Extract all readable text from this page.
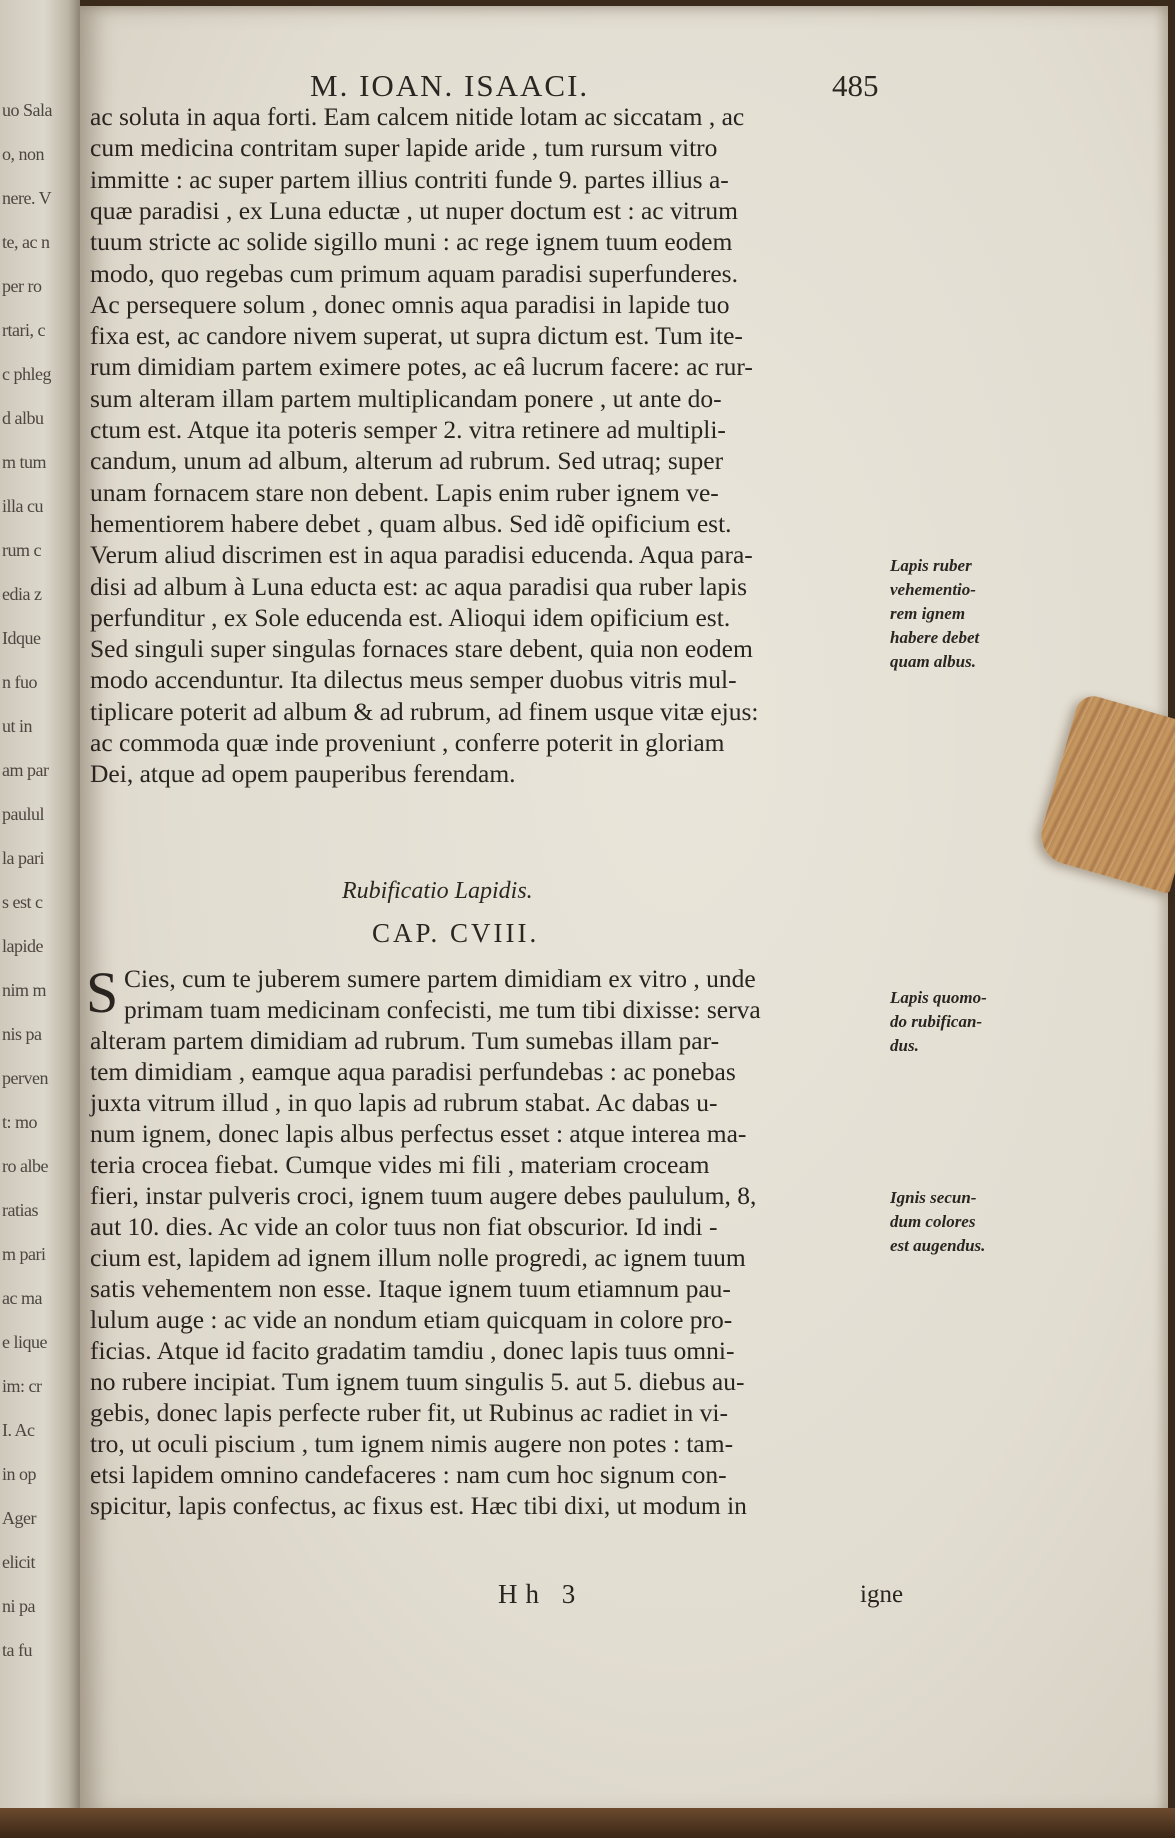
uo Sala
o, non
nere. V
te, ac n
per ro
rtari, c
c phleg
d albu
m tum
illa cu
rum c
edia z
Idque
n fuo
ut in
am par
paulul
la pari
s est c
lapide
nim m
nis pa
perven
t: mo
ro albe
ratias
m pari
ac ma
e lique
im: cr
I. Ac
in op
Ager
elicit
ni pa
ta fu
M. IOAN. ISAACI.	485
ac soluta in aqua forti. Eam calcem nitide lotam ac siccatam , ac
cum medicina contritam super lapide aride , tum rursum vitro
immitte : ac super partem illius contriti funde 9. partes illius a-
quæ paradisi , ex Luna eductæ , ut nuper doctum est : ac vitrum
tuum stricte ac solide sigillo muni : ac rege ignem tuum eodem
modo, quo regebas cum primum aquam paradisi superfunderes.
Ac persequere solum , donec omnis aqua paradisi in lapide tuo
fixa est, ac candore nivem superat, ut supra dictum est. Tum ite-
rum dimidiam partem eximere potes, ac eâ lucrum facere: ac rur-
sum alteram illam partem multiplicandam ponere , ut ante do-
ctum est. Atque ita poteris semper 2. vitra retinere ad multipli-
candum, unum ad album, alterum ad rubrum. Sed utraq; super
unam fornacem stare non debent. Lapis enim ruber ignem ve-
hementiorem habere debet , quam albus. Sed idẽ opificium est.
Verum aliud discrimen est in aqua paradisi educenda. Aqua para-
disi ad album à Luna educta est: ac aqua paradisi qua ruber lapis
perfunditur , ex Sole educenda est. Alioqui idem opificium est.
Sed singuli super singulas fornaces stare debent, quia non eodem
modo accenduntur. Ita dilectus meus semper duobus vitris mul-
tiplicare poterit ad album & ad rubrum, ad finem usque vitæ ejus:
ac commoda quæ inde proveniunt , conferre poterit in gloriam
Dei, atque ad opem pauperibus ferendam.
Rubificatio Lapidis.
CAP. CVIII.
S Cies, cum te juberem sumere partem dimidiam ex vitro , unde
primam tuam medicinam confecisti, me tum tibi dixisse: serva
alteram partem dimidiam ad rubrum. Tum sumebas illam par-
tem dimidiam , eamque aqua paradisi perfundebas : ac ponebas
juxta vitrum illud , in quo lapis ad rubrum stabat. Ac dabas u-
num ignem, donec lapis albus perfectus esset : atque interea ma-
teria crocea fiebat. Cumque vides mi fili , materiam croceam
fieri, instar pulveris croci, ignem tuum augere debes paululum, 8,
aut 10. dies. Ac vide an color tuus non fiat obscurior. Id indi -
cium est, lapidem ad ignem illum nolle progredi, ac ignem tuum
satis vehementem non esse. Itaque ignem tuum etiamnum pau-
lulum auge : ac vide an nondum etiam quicquam in colore pro-
ficias. Atque id facito gradatim tamdiu , donec lapis tuus omni-
no rubere incipiat. Tum ignem tuum singulis 5. aut 5. diebus au-
gebis, donec lapis perfecte ruber fit, ut Rubinus ac radiet in vi-
tro, ut oculi piscium , tum ignem nimis augere non potes : tam-
etsi lapidem omnino candefaceres : nam cum hoc signum con-
spicitur, lapis confectus, ac fixus est. Hæc tibi dixi, ut modum in
Lapis ruber
vehementio-
rem ignem
habere debet
quam albus.
Lapis quomo-
do rubifican-
dus.
Ignis secun-
dum colores
est augendus.
Hh 3	igne
